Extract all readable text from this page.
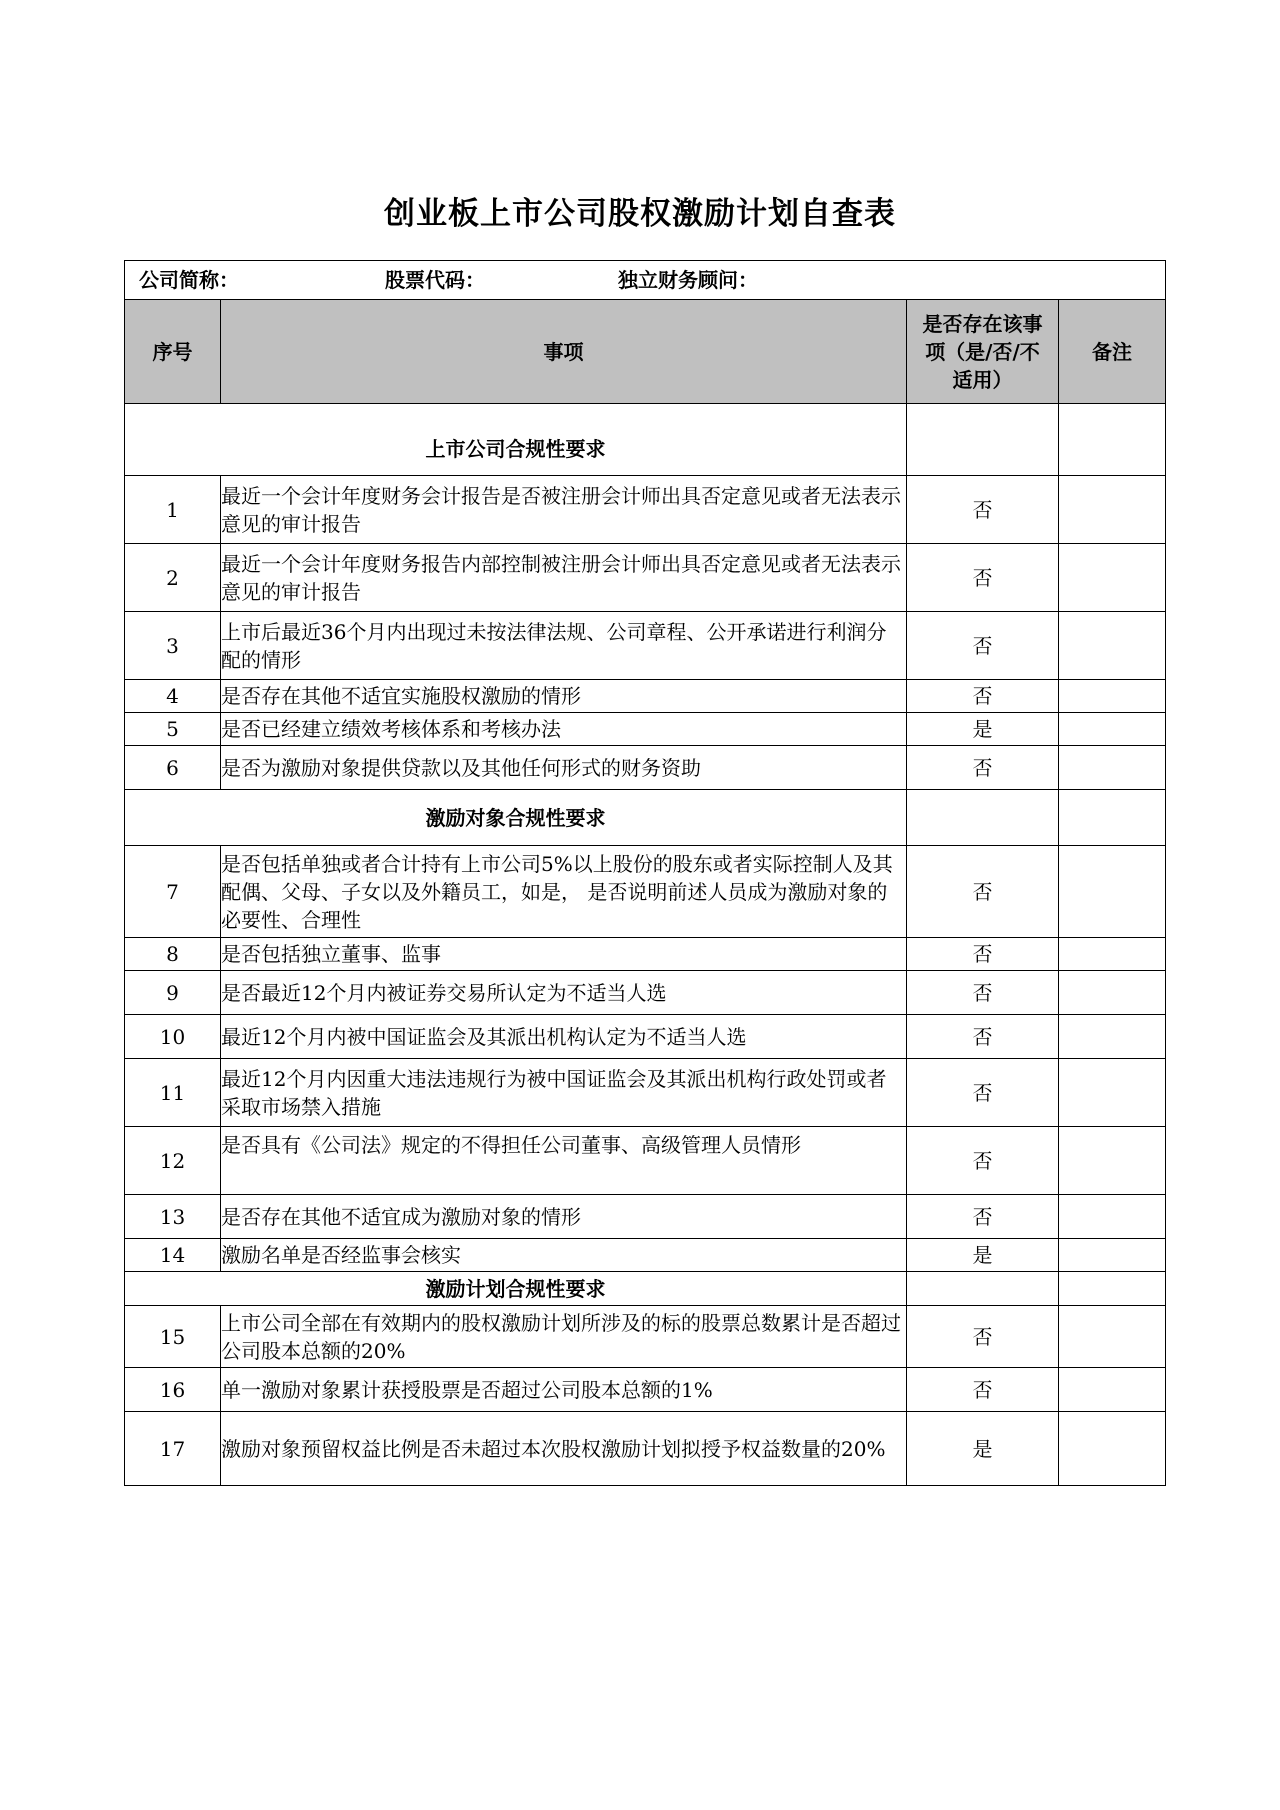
创业板上市公司股权激励计划自查表
公司简称： 股票代码： 独立财务顾问：			
序号	事项	是否存在该事项（是/否/不适用）	备注
上市公司合规性要求			
1	最近一个会计年度财务会计报告是否被注册会计师出具否定意见或者无法表示意见的审计报告	否	
2	最近一个会计年度财务报告内部控制被注册会计师出具否定意见或者无法表示意见的审计报告	否	
3	上市后最近36个月内出现过未按法律法规、公司章程、公开承诺进行利润分配的情形	否	
4	是否存在其他不适宜实施股权激励的情形	否	
5	是否已经建立绩效考核体系和考核办法	是	
6	是否为激励对象提供贷款以及其他任何形式的财务资助	否	
激励对象合规性要求			
7	是否包括单独或者合计持有上市公司5%以上股份的股东或者实际控制人及其配偶、父母、子女以及外籍员工，如是， 是否说明前述人员成为激励对象的必要性、合理性	否	
8	是否包括独立董事、监事	否	
9	是否最近12个月内被证券交易所认定为不适当人选	否	
10	最近12个月内被中国证监会及其派出机构认定为不适当人选	否	
11	最近12个月内因重大违法违规行为被中国证监会及其派出机构行政处罚或者采取市场禁入措施	否	
12	是否具有《公司法》规定的不得担任公司董事、高级管理人员情形	否	
13	是否存在其他不适宜成为激励对象的情形	否	
14	激励名单是否经监事会核实	是	
激励计划合规性要求			
15	上市公司全部在有效期内的股权激励计划所涉及的标的股票总数累计是否超过公司股本总额的20%	否	
16	单一激励对象累计获授股票是否超过公司股本总额的1%	否	
17	激励对象预留权益比例是否未超过本次股权激励计划拟授予权益数量的20%	是	
